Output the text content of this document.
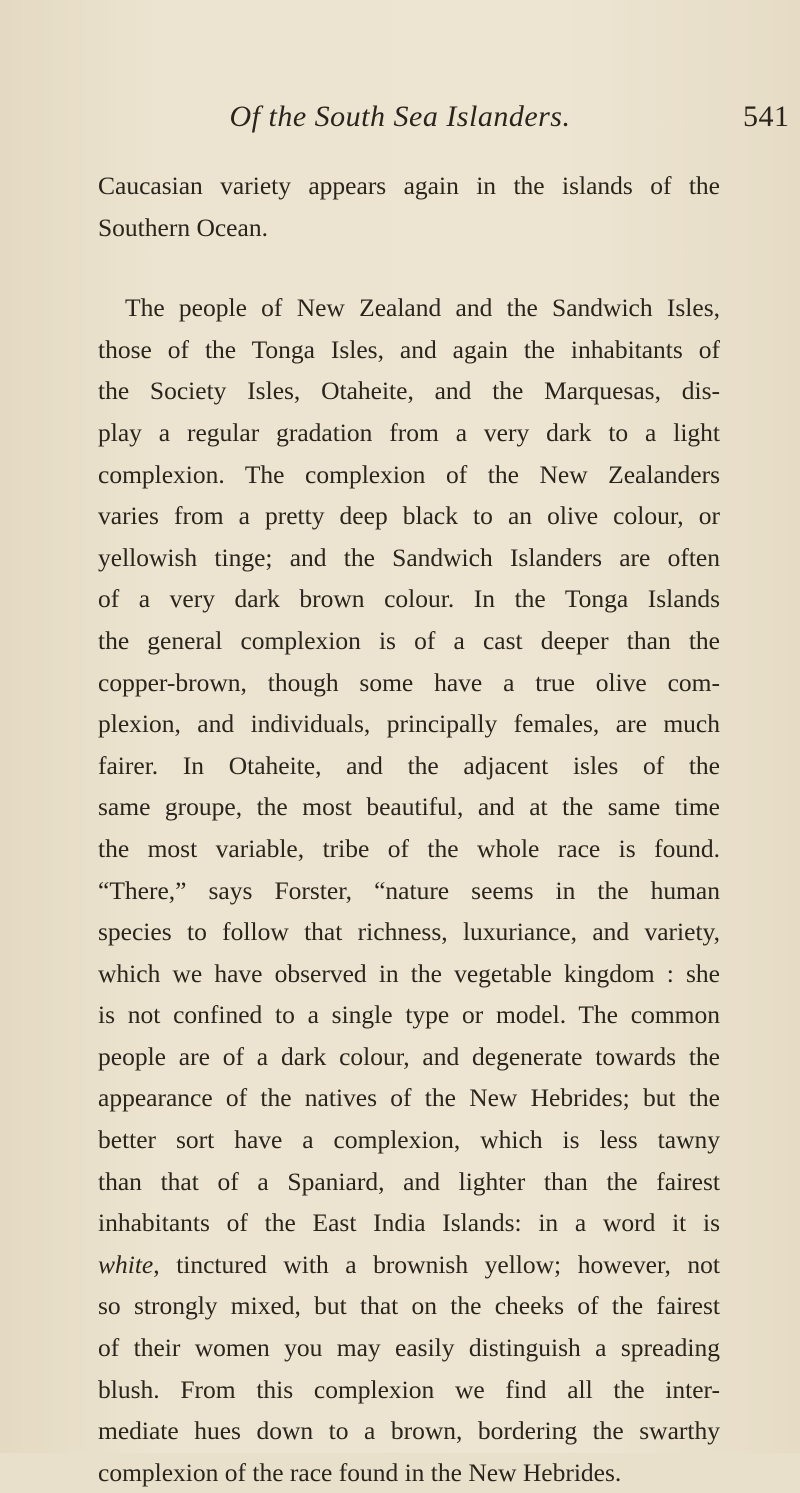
Of the South Sea Islanders.	541
Caucasian variety appears again in the islands of the
Southern Ocean.
The people of New Zealand and the Sandwich Isles,
those of the Tonga Isles, and again the inhabitants of
the Society Isles, Otaheite, and the Marquesas, dis-
play a regular gradation from a very dark to a light
complexion. The complexion of the New Zealanders
varies from a pretty deep black to an olive colour, or
yellowish tinge; and the Sandwich Islanders are often
of a very dark brown colour. In the Tonga Islands
the general complexion is of a cast deeper than the
copper-brown, though some have a true olive com-
plexion, and individuals, principally females, are much
fairer. In Otaheite, and the adjacent isles of the
same groupe, the most beautiful, and at the same time
the most variable, tribe of the whole race is found.
“There,” says Forster, “nature seems in the human
species to follow that richness, luxuriance, and variety,
which we have observed in the vegetable kingdom : she
is not confined to a single type or model. The common
people are of a dark colour, and degenerate towards the
appearance of the natives of the New Hebrides; but the
better sort have a complexion, which is less tawny
than that of a Spaniard, and lighter than the fairest
inhabitants of the East India Islands: in a word it is
white, tinctured with a brownish yellow; however, not
so strongly mixed, but that on the cheeks of the fairest
of their women you may easily distinguish a spreading
blush. From this complexion we find all the inter-
mediate hues down to a brown, bordering the swarthy
complexion of the race found in the New Hebrides.
